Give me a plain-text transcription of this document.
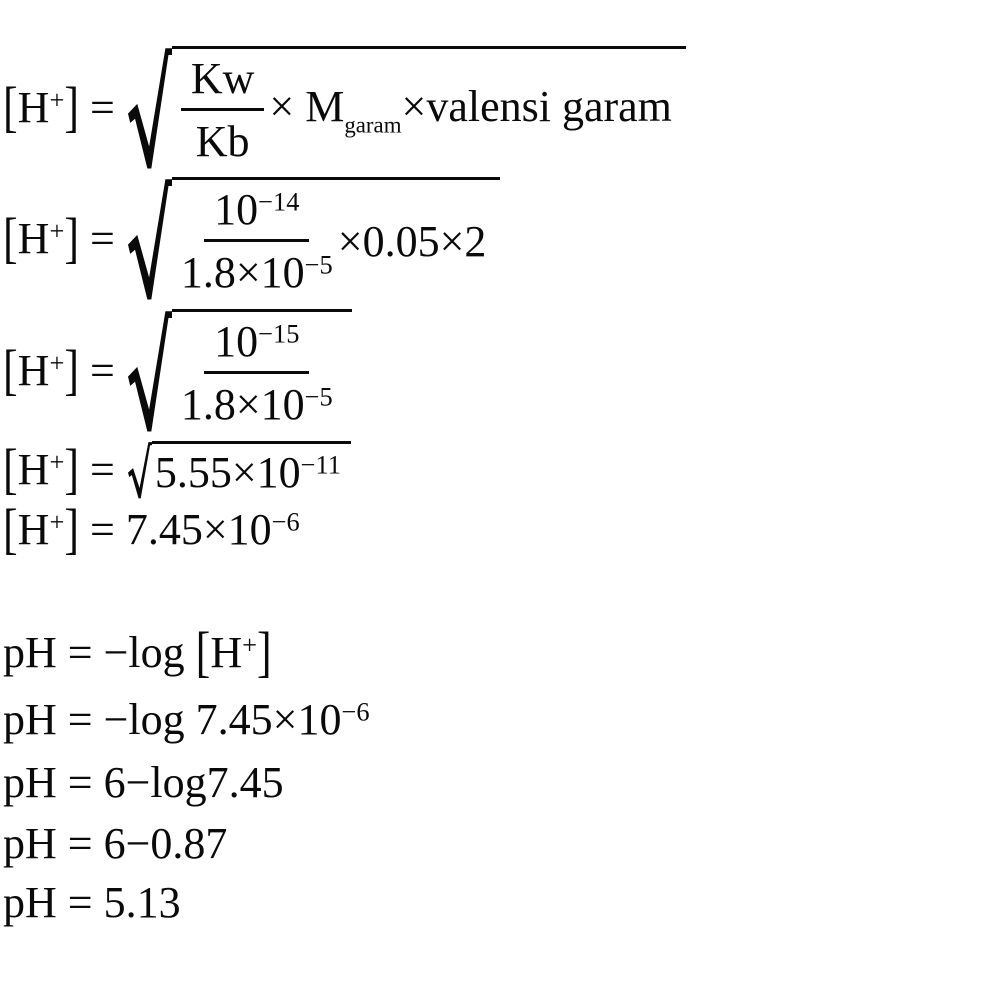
$[H^+] = \frac{Kw}{Kb}$ × $M_{garam}\times valensi$ garam
$[H^+] = \frac{10^{-14}}{1.8\times 10^{-5}} \times 0.05\times 2$
$[H^+] = \frac{10^{-15}}{1.8\times 10^{-5}}$
$[H^+] = 5.55\times 10^{-11}$
$[H^+] = 7.45\times 10^{-6}$
pH = −log [H+]
pH = −log $7.45\times 10^{-6}$
pH = 6−log7.45
pH = 6−0.87
pH = 5.13
